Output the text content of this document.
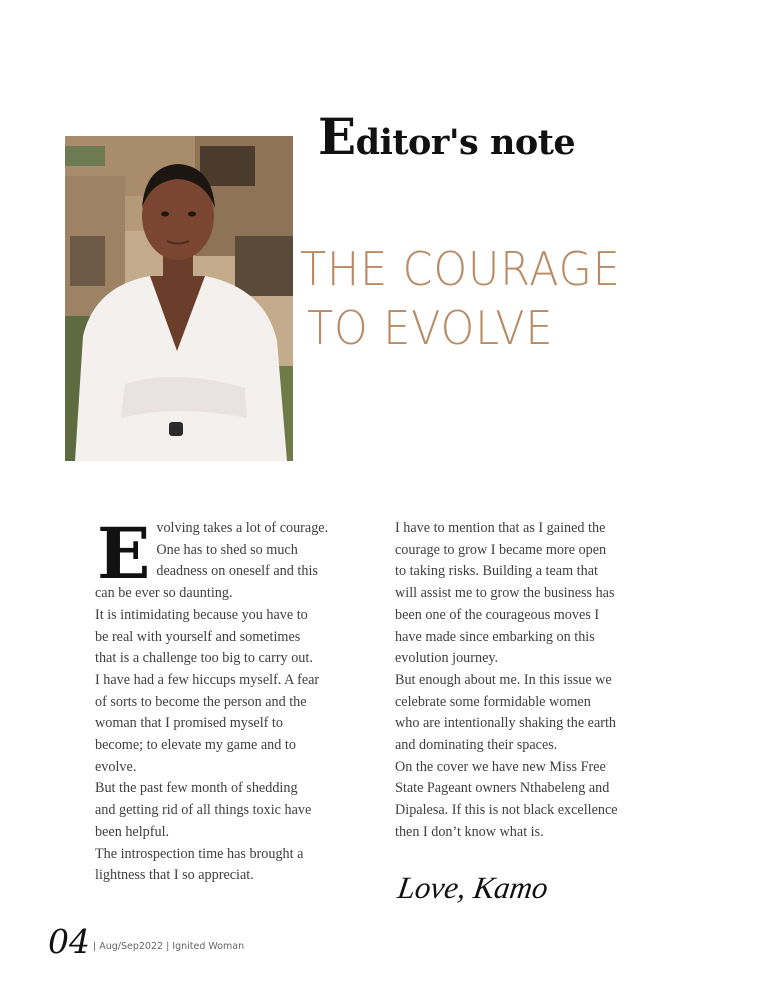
Editor's note
THE COURAGE
TO EVOLVE
E volving takes a lot of courage.

One has to shed so much

deadness on oneself and this

can be ever so daunting.

It is intimidating because you have to

be real with yourself and sometimes

that is a challenge too big to carry out.

I have had a few hiccups myself. A fear

of sorts to become the person and the

woman that I promised myself to

become; to elevate my game and to

evolve.

But the past few month of shedding

and getting rid of all things toxic have

been helpful.

The introspection time has brought a

lightness that I so appreciat.

I have to mention that as I gained the

courage to grow I became more open

to taking risks. Building a team that

will assist me to grow the business has

been one of the courageous moves I

have made since embarking on this

evolution journey.

But enough about me. In this issue we

celebrate some formidable women

who are intentionally shaking the earth

and dominating their spaces.

On the cover we have new Miss Free

State Pageant owners Nthabeleng and

Dipalesa. If this is not black excellence

then I don’t know what is.

Love, Kamo
04 | Aug/Sep2022 | Ignited Woman
